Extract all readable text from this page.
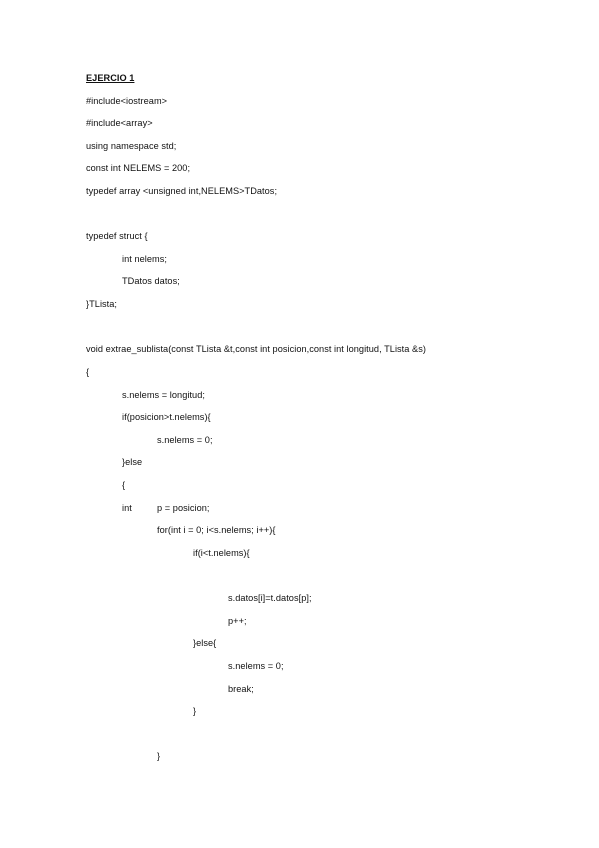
EJERCIO 1
#include<iostream>
#include<array>
using namespace std;
const int NELEMS = 200;
typedef array <unsigned int,NELEMS>TDatos;
typedef struct {
int nelems;
TDatos datos;
}TLista;
void extrae_sublista(const TLista &t,const int posicion,const int longitud, TLista &s)
{
s.nelems = longitud;
if(posicion>t.nelems){
s.nelems = 0;
}else
{
int	p = posicion;
for(int i = 0; i<s.nelems; i++){
if(i<t.nelems){
s.datos[i]=t.datos[p];
p++;
}else{
s.nelems = 0;
break;
}
}
